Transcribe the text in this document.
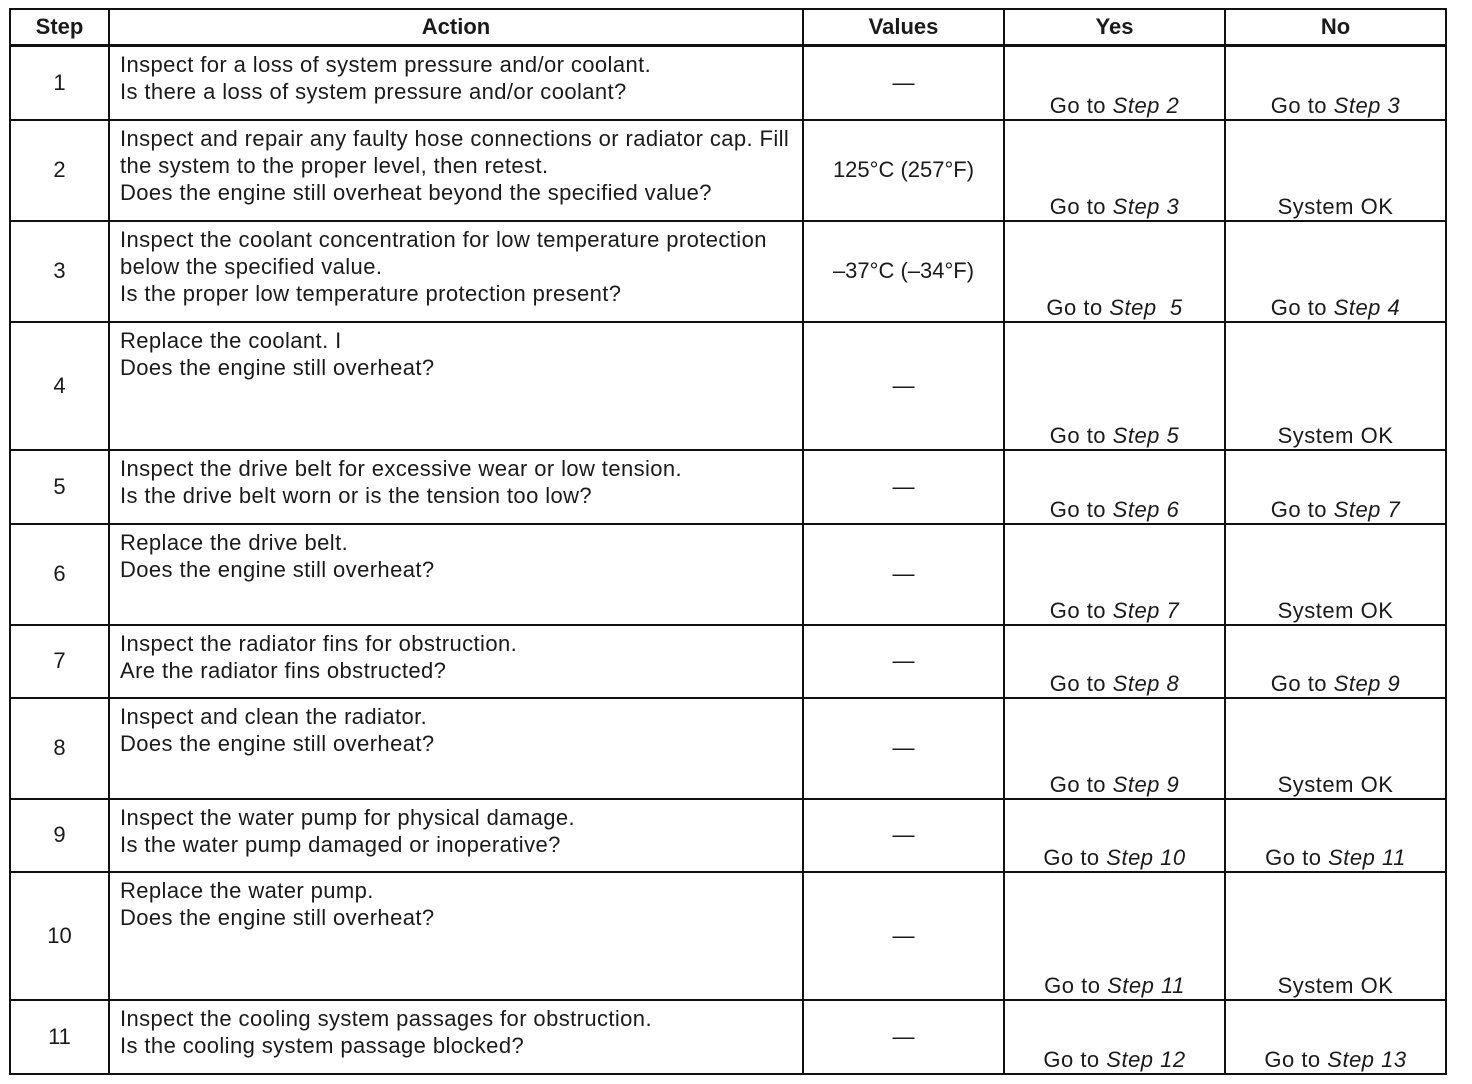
Step	Action	Values	Yes	No
1	Inspect for a loss of system pressure and/or coolant.
Is there a loss of system pressure and/or coolant?	—	Go to Step 2	Go to Step 3
2	Inspect and repair any faulty hose connections or radiator cap. Fill the system to the proper level, then retest.
Does the engine still overheat beyond the specified value?	125°C (257°F)	Go to Step 3	System OK
3	Inspect the coolant concentration for low temperature protection below the specified value.
Is the proper low temperature protection present?	–37°C (–34°F)	Go to Step  5	Go to Step 4
4	Replace the coolant. I
Does the engine still overheat?	—	Go to Step 5	System OK
5	Inspect the drive belt for excessive wear or low tension.
Is the drive belt worn or is the tension too low?	—	Go to Step 6	Go to Step 7
6	Replace the drive belt.
Does the engine still overheat?	—	Go to Step 7	System OK
7	Inspect the radiator fins for obstruction.
Are the radiator fins obstructed?	—	Go to Step 8	Go to Step 9
8	Inspect and clean the radiator.
Does the engine still overheat?	—	Go to Step 9	System OK
9	Inspect the water pump for physical damage.
Is the water pump damaged or inoperative?	—	Go to Step 10	Go to Step 11
10	Replace the water pump.
Does the engine still overheat?	—	Go to Step 11	System OK
11	Inspect the cooling system passages for obstruction.
Is the cooling system passage blocked?	—	Go to Step 12	Go to Step 13
